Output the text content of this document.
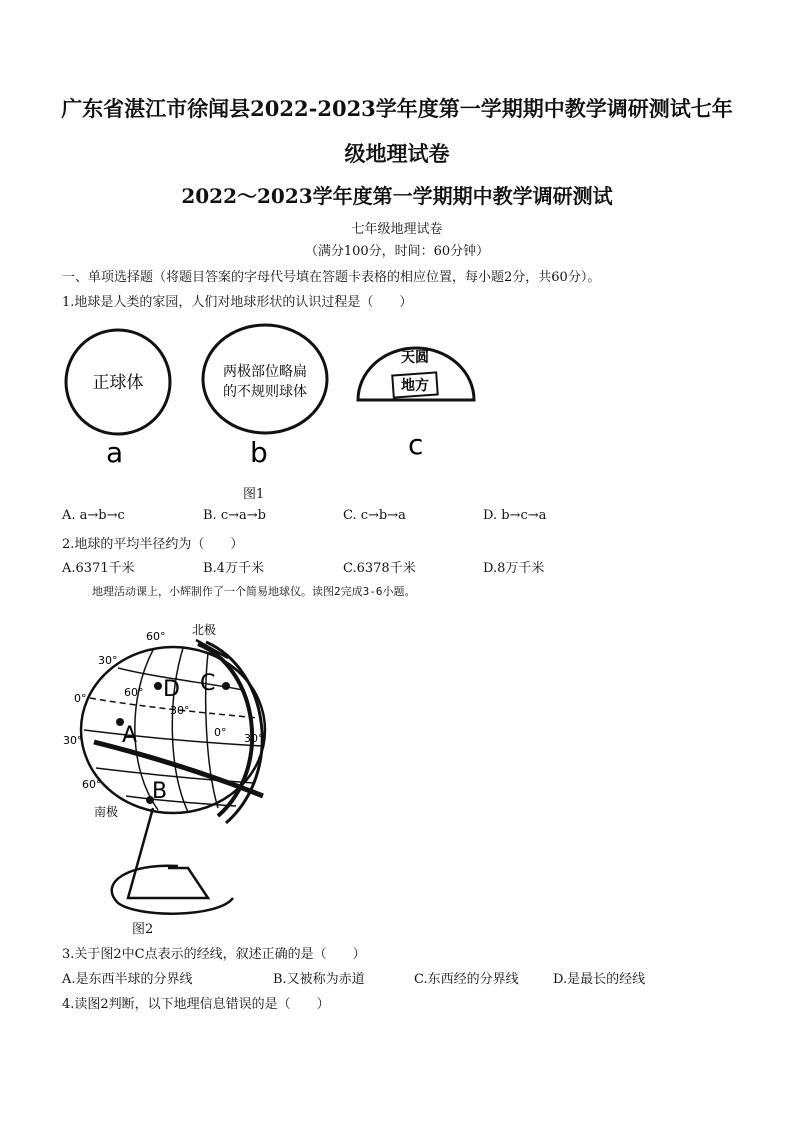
广东省湛江市徐闻县2022-2023学年度第一学期期中教学调研测试七年
级地理试卷
2022～2023学年度第一学期期中教学调研测试
七年级地理试卷
（满分100分，时间：60分钟）
一、单项选择题（将题目答案的字母代号填在答题卡表格的相应位置，每小题2分，共60分）。
1.地球是人类的家园，人们对地球形状的认识过程是（　　）
正球体
两极部位略扁
的不规则球体
天圆
地方
a	b	c
图1
A. a→b→c	B. c→a→b	C. c→b→a	D. b→c→a
2.地球的平均半径约为（　　）
A.6371千米	B.4万千米	C.6378千米	D.8万千米
地理活动课上，小辉制作了一个简易地球仪。读图2完成3-6小题。
D C
A
B
60°
30°
0°
30°
60°
60°
30°
0° 30°
北极
南极
图2
3.关于图2中C点表示的经线，叙述正确的是（　　）
A.是东西半球的分界线	B.又被称为赤道	C.东西经的分界线	D.是最长的经线
4.读图2判断，以下地理信息错误的是（　　）
